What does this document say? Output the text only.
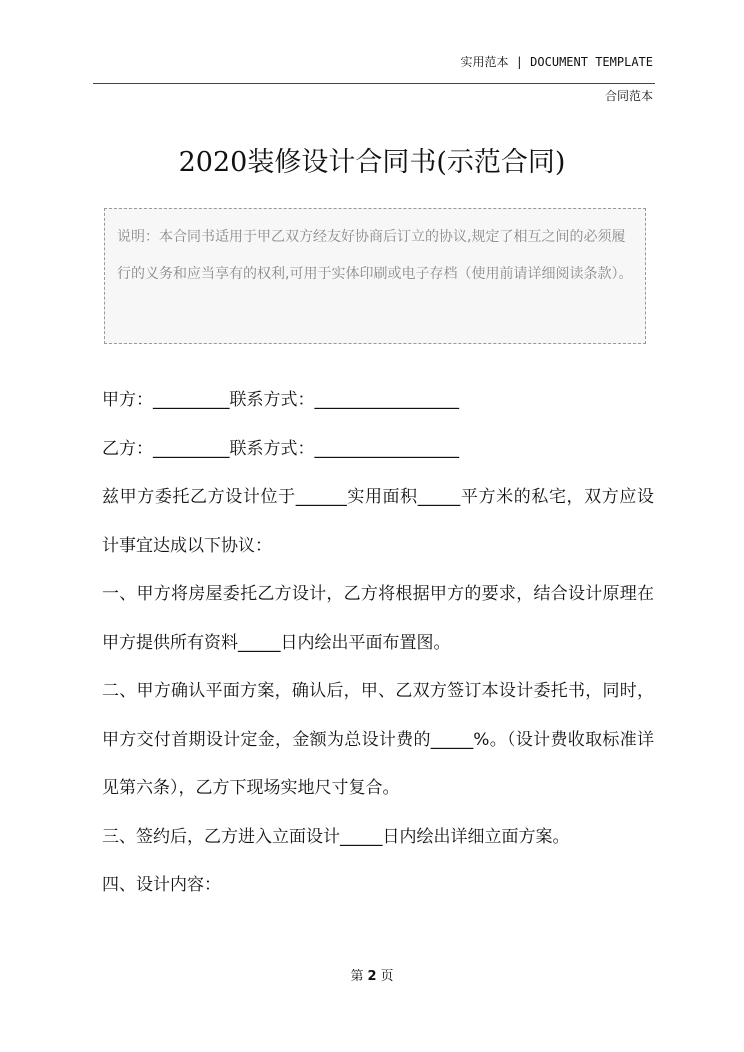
实用范本 | DOCUMENT TEMPLATE
合同范本
2020装修设计合同书(示范合同)

说明：本合同书适用于甲乙双方经友好协商后订立的协议,规定了相互之间的必须履行的义务和应当享有的权利,可用于实体印刷或电子存档（使用前请详细阅读条款）。

甲方：_________联系方式：_________________

乙方：_________联系方式：_________________

兹甲方委托乙方设计位于______实用面积_____平方米的私宅，双方应设计事宜达成以下协议：

一、甲方将房屋委托乙方设计，乙方将根据甲方的要求，结合设计原理在甲方提供所有资料_____日内绘出平面布置图。

二、甲方确认平面方案，确认后，甲、乙双方签订本设计委托书，同时，甲方交付首期设计定金，金额为总设计费的_____%。（设计费收取标准详见第六条），乙方下现场实地尺寸复合。

三、签约后，乙方进入立面设计_____日内绘出详细立面方案。

四、设计内容：

第 2 页
